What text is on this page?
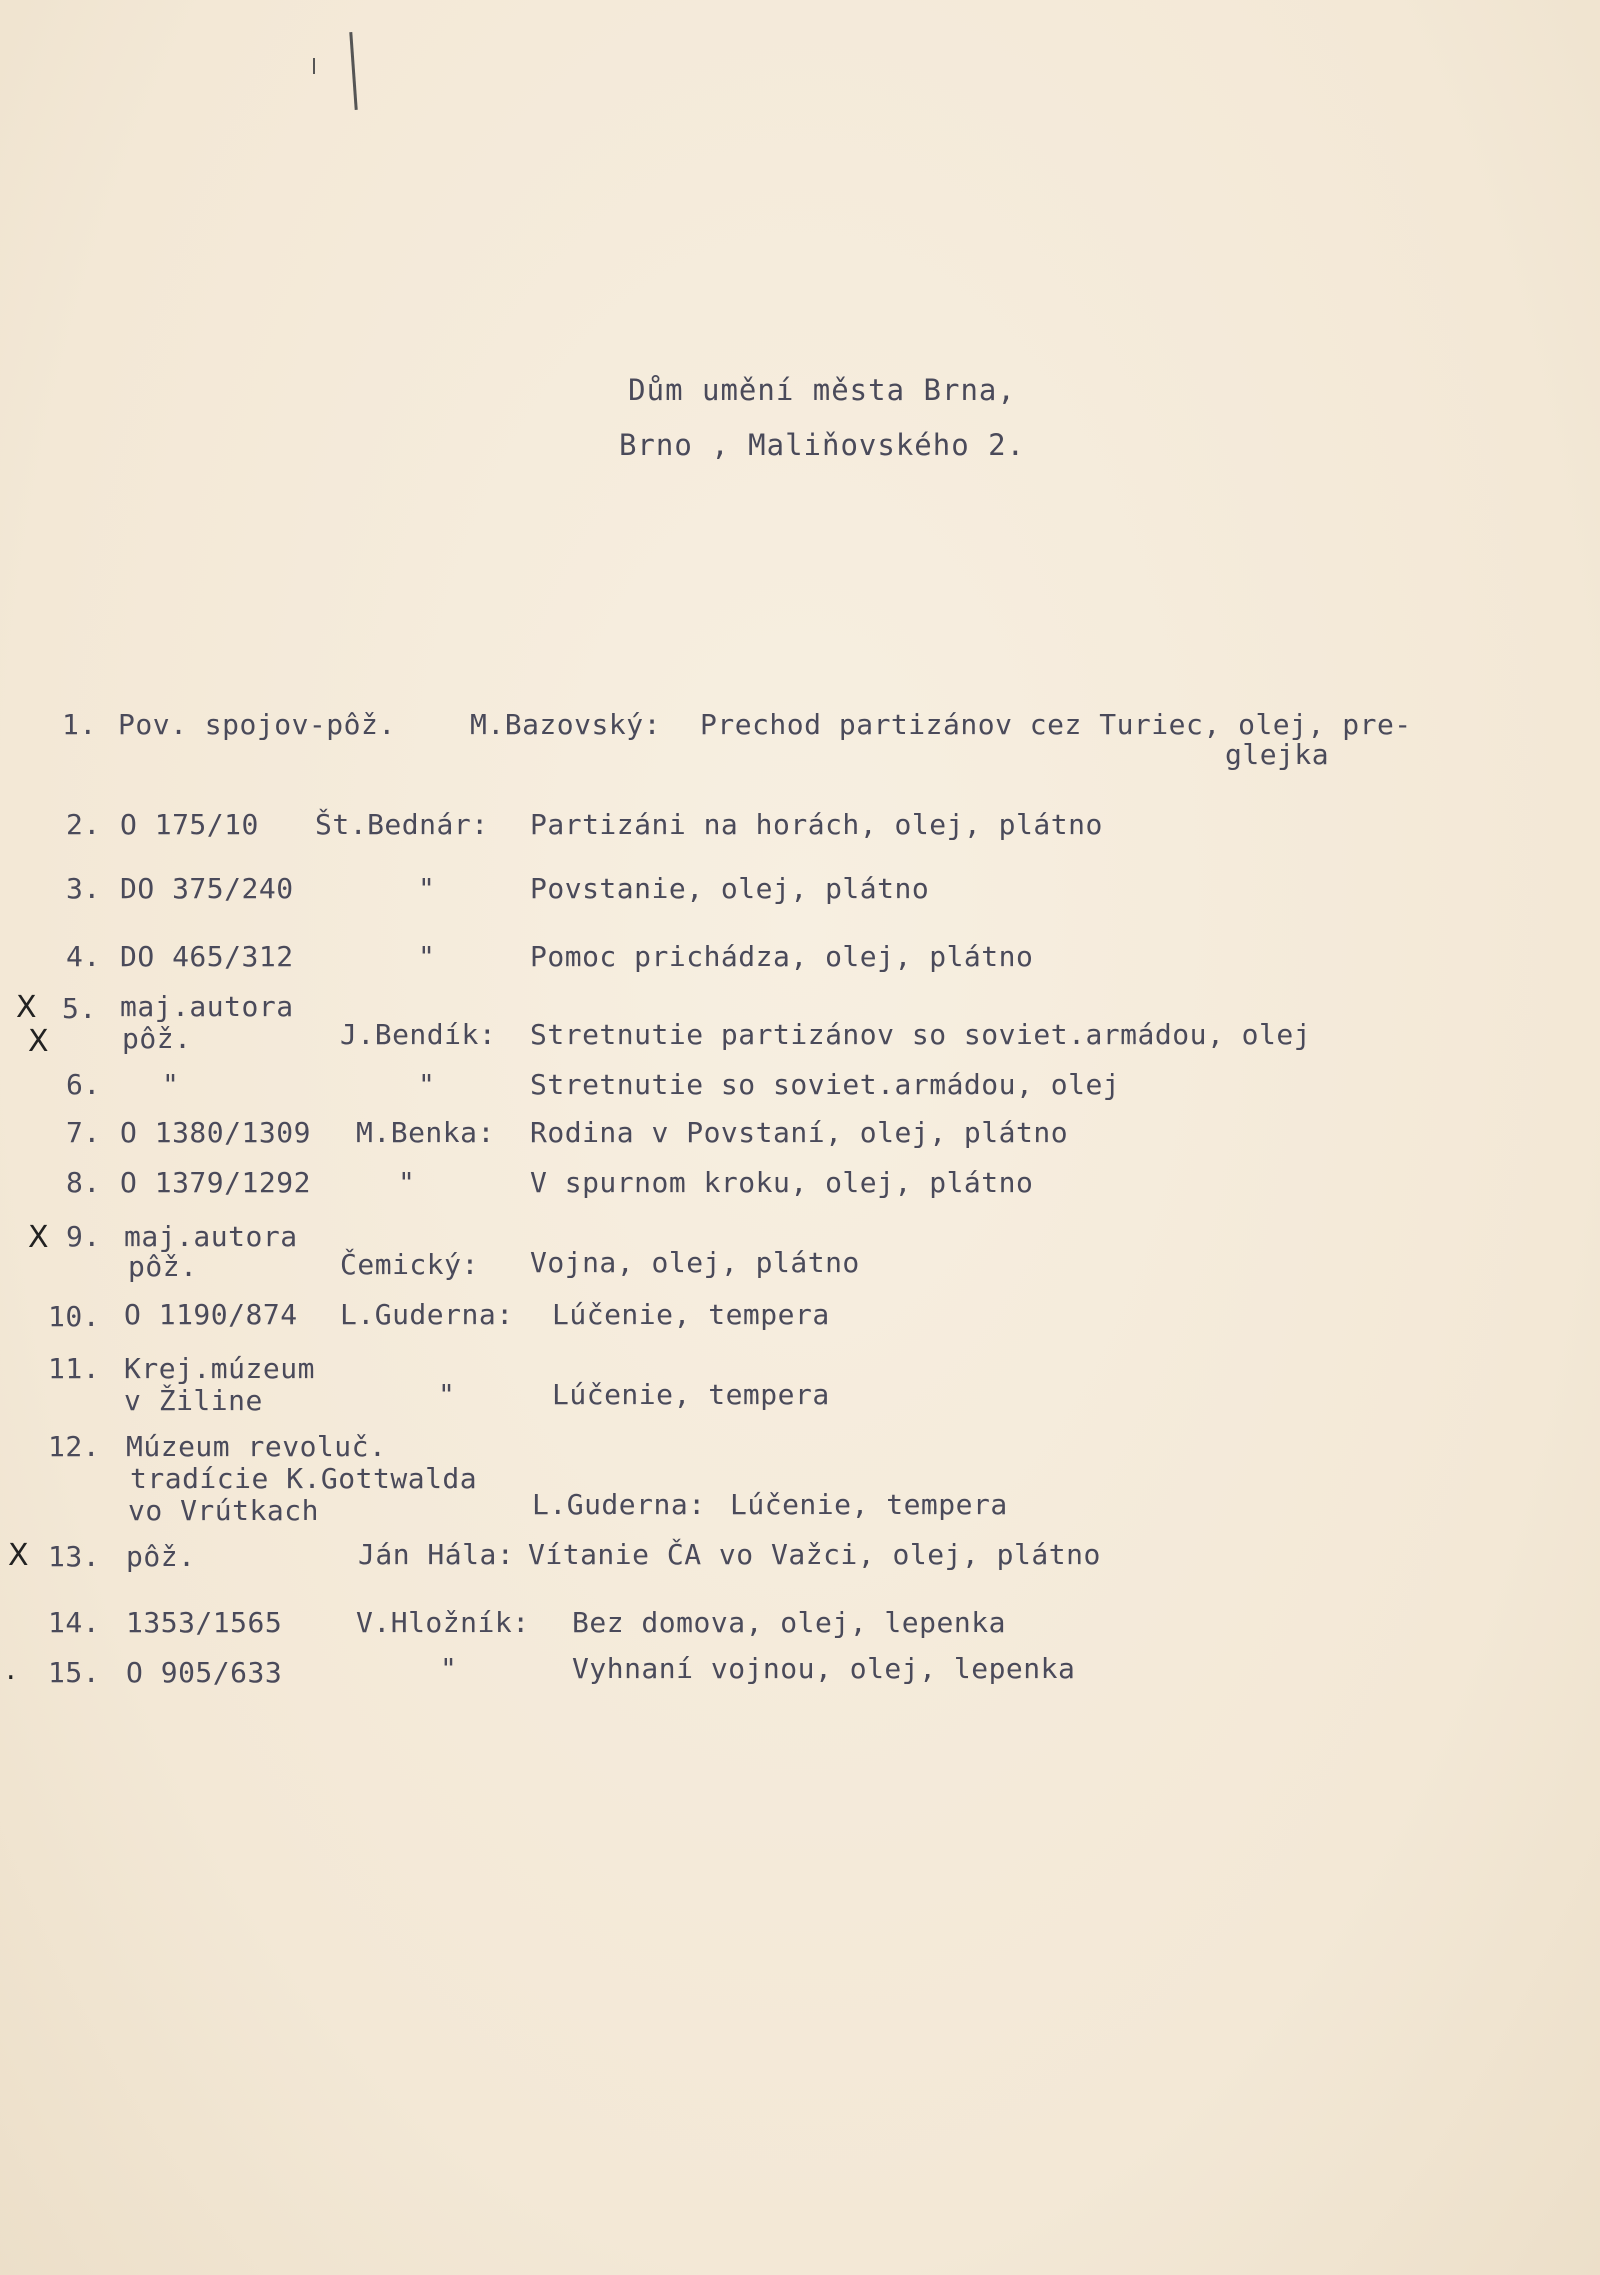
Dům umění města Brna,
Brno , Maliňovského 2.
1. Pov. spojov-pôž.	M.Bazovský: Prechod partizánov cez Turiec, olej, pre-
glejka
2. O 175/10 Št.Bednár: Partizáni na horách, olej, plátno
3. DO 375/240	"	Povstanie, olej, plátno
4. DO 465/312	"	Pomoc prichádza, olej, plátno
X
X
5. maj.autora
pôž.	J.Bendík: Stretnutie partizánov so soviet.armádou, olej
6. "	"	Stretnutie so soviet.armádou, olej
7. O 1380/1309 M.Benka: Rodina v Povstaní, olej, plátno
8. O 1379/1292	"	V spurnom kroku, olej, plátno
X 9. maj.autora
pôž.	Čemický: Vojna, olej, plátno
10. O 1190/874 L.Guderna: Lúčenie, tempera
11. Krej.múzeum
v Žiline	"	Lúčenie, tempera
12. Múzeum revoluč.
tradície K.Gottwalda
vo Vrútkach	L.Guderna: Lúčenie, tempera
X 13. pôž.	Ján Hála: Vítanie ČA vo Važci, olej, plátno
14. 1353/1565	V.Hložník: Bez domova, olej, lepenka
. 15. O 905/633	"	Vyhnaní vojnou, olej, lepenka
